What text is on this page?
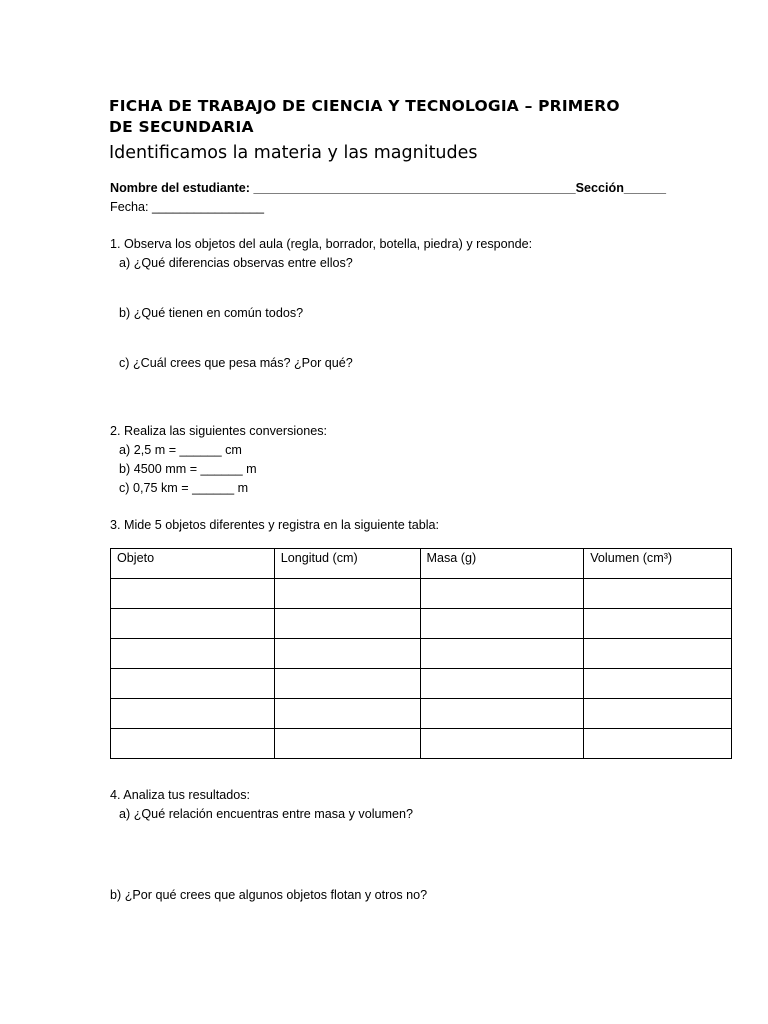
FICHA DE TRABAJO DE CIENCIA Y TECNOLOGIA – PRIMERO
DE SECUNDARIA
Identificamos la materia y las magnitudes
Nombre del estudiante: ______________________________________________Sección______
Fecha: ________________
1. Observa los objetos del aula (regla, borrador, botella, piedra) y responde:
a) ¿Qué diferencias observas entre ellos?
b) ¿Qué tienen en común todos?
c) ¿Cuál crees que pesa más? ¿Por qué?
2. Realiza las siguientes conversiones:
a) 2,5 m = ______ cm
b) 4500 mm = ______ m
c) 0,75 km = ______ m
3. Mide 5 objetos diferentes y registra en la siguiente tabla:
Objeto	Longitud (cm)	Masa (g)	Volumen (cm³)

4. Analiza tus resultados:
a) ¿Qué relación encuentras entre masa y volumen?
b) ¿Por qué crees que algunos objetos flotan y otros no?
